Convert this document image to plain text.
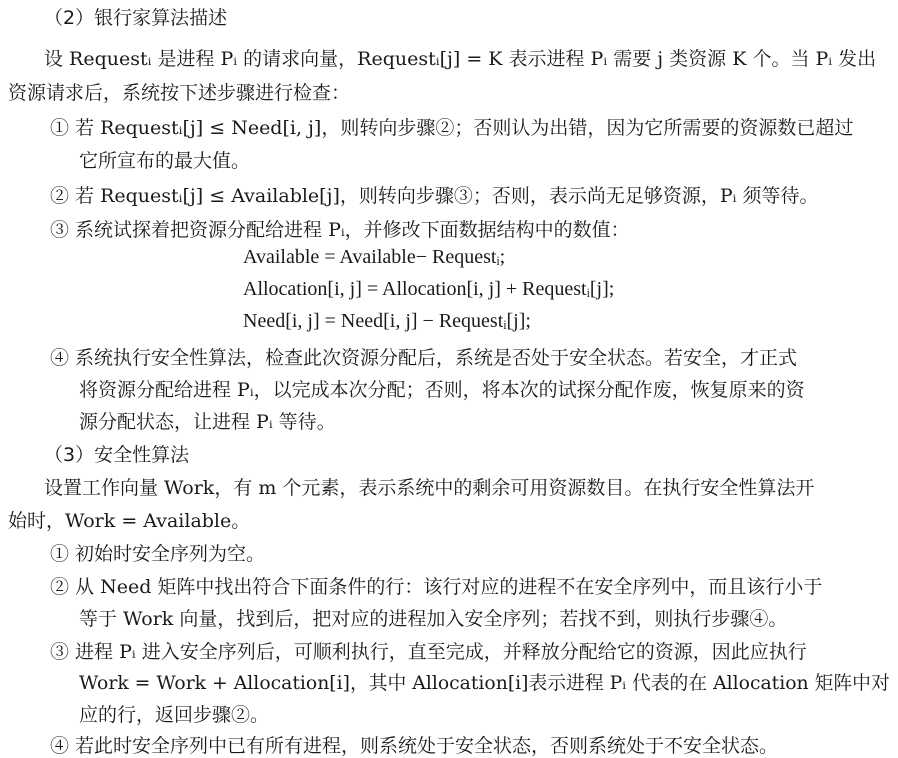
（2）银行家算法描述
设 Requestᵢ 是进程 Pᵢ 的请求向量，Requestᵢ[j] = K 表示进程 Pᵢ 需要 j 类资源 K 个。当 Pᵢ 发出
资源请求后，系统按下述步骤进行检查：
① 若 Requestᵢ[j] ≤ Need[i, j]，则转向步骤②；否则认为出错，因为它所需要的资源数已超过
它所宣布的最大值。
② 若 Requestᵢ[j] ≤ Available[j]，则转向步骤③；否则，表示尚无足够资源，Pᵢ 须等待。
③ 系统试探着把资源分配给进程 Pᵢ，并修改下面数据结构中的数值：
Available = Available− Requestᵢ;
Allocation[i, j] = Allocation[i, j] + Requestᵢ[j];
Need[i, j] = Need[i, j] − Requestᵢ[j];
④ 系统执行安全性算法，检查此次资源分配后，系统是否处于安全状态。若安全，才正式
将资源分配给进程 Pᵢ，以完成本次分配；否则，将本次的试探分配作废，恢复原来的资
源分配状态，让进程 Pᵢ 等待。
（3）安全性算法
设置工作向量 Work，有 m 个元素，表示系统中的剩余可用资源数目。在执行安全性算法开
始时，Work = Available。
① 初始时安全序列为空。
② 从 Need 矩阵中找出符合下面条件的行：该行对应的进程不在安全序列中，而且该行小于
等于 Work 向量，找到后，把对应的进程加入安全序列；若找不到，则执行步骤④。
③ 进程 Pᵢ 进入安全序列后，可顺利执行，直至完成，并释放分配给它的资源，因此应执行
Work = Work + Allocation[i]，其中 Allocation[i]表示进程 Pᵢ 代表的在 Allocation 矩阵中对
应的行，返回步骤②。
④ 若此时安全序列中已有所有进程，则系统处于安全状态，否则系统处于不安全状态。
